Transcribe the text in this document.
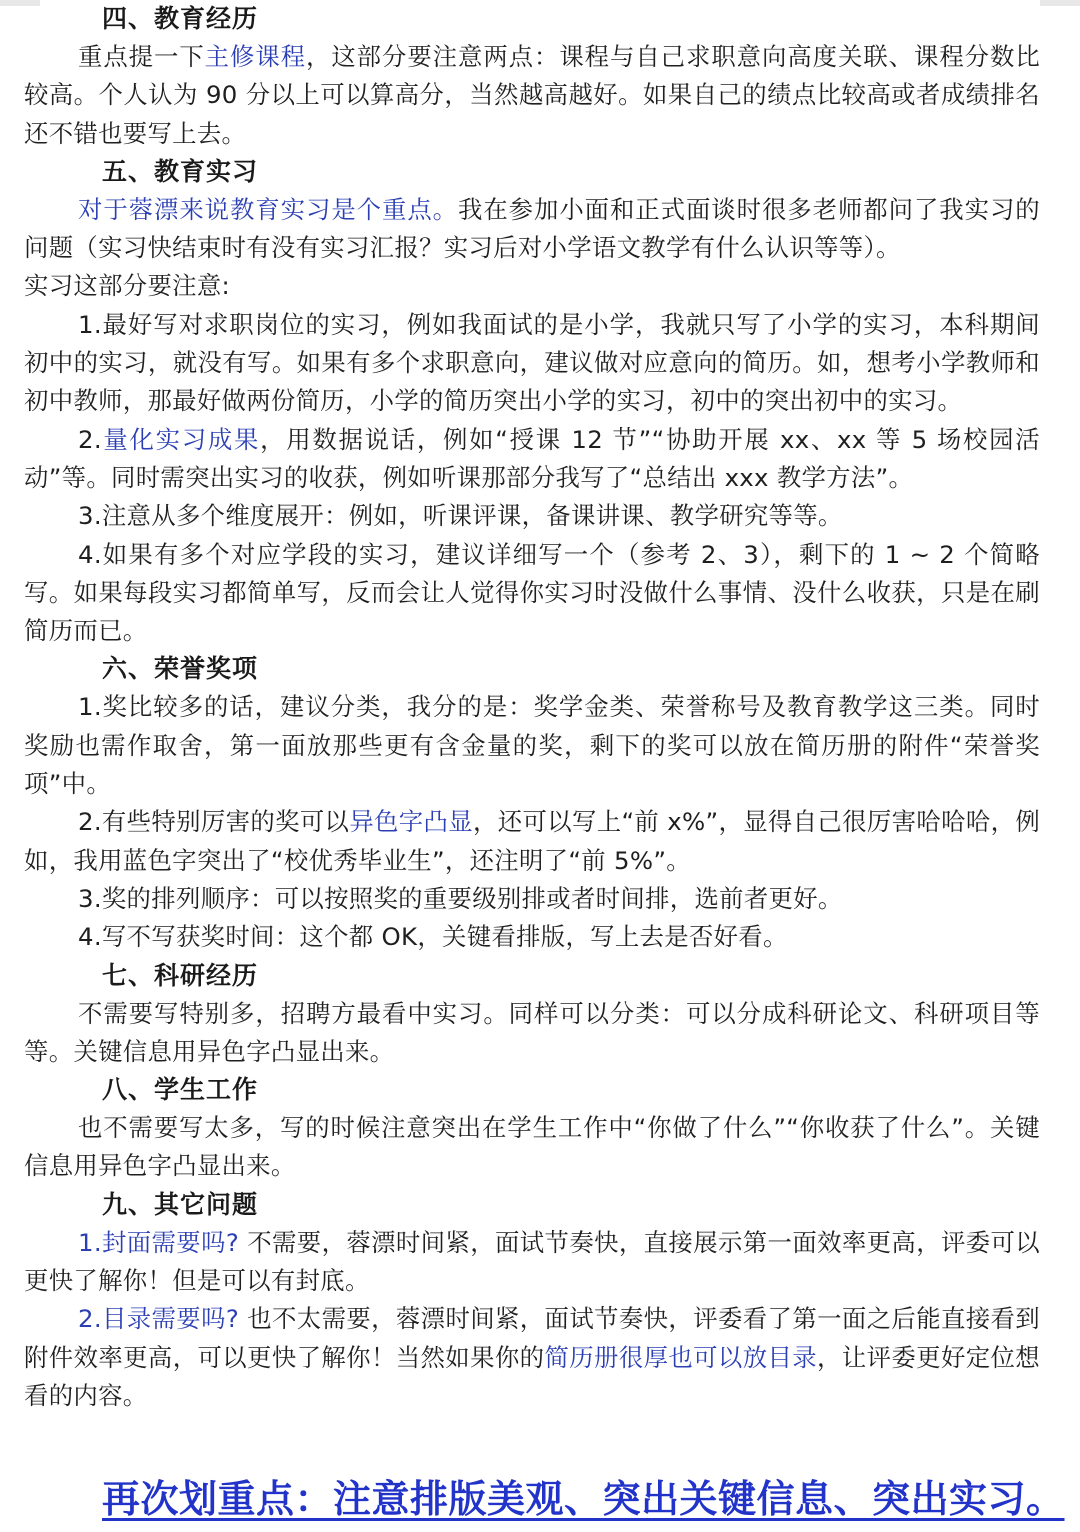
四、教育经历

重点提一下主修课程，这部分要注意两点：课程与自己求职意向高度关联、课程分数比较高。个人认为 90 分以上可以算高分，当然越高越好。如果自己的绩点比较高或者成绩排名还不错也要写上去。

五、教育实习

对于蓉漂来说教育实习是个重点。我在参加小面和正式面谈时很多老师都问了我实习的问题（实习快结束时有没有实习汇报？实习后对小学语文教学有什么认识等等）。

实习这部分要注意:

1.最好写对求职岗位的实习，例如我面试的是小学，我就只写了小学的实习，本科期间初中的实习，就没有写。如果有多个求职意向，建议做对应意向的简历。如，想考小学教师和初中教师，那最好做两份简历，小学的简历突出小学的实习，初中的突出初中的实习。

2.量化实习成果，用数据说话，例如“授课 12 节”“协助开展 xx、xx 等 5 场校园活动”等。同时需突出实习的收获，例如听课那部分我写了“总结出 xxx 教学方法”。

3.注意从多个维度展开：例如，听课评课，备课讲课、教学研究等等。

4.如果有多个对应学段的实习，建议详细写一个（参考 2、3），剩下的 1 ~ 2 个简略写。如果每段实习都简单写，反而会让人觉得你实习时没做什么事情、没什么收获，只是在刷简历而已。

六、荣誉奖项

1.奖比较多的话，建议分类，我分的是：奖学金类、荣誉称号及教育教学这三类。同时奖励也需作取舍，第一面放那些更有含金量的奖，剩下的奖可以放在简历册的附件“荣誉奖项”中。

2.有些特别厉害的奖可以异色字凸显，还可以写上“前 x%”，显得自己很厉害哈哈哈，例如，我用蓝色字突出了“校优秀毕业生”，还注明了“前 5%”。

3.奖的排列顺序：可以按照奖的重要级别排或者时间排，选前者更好。

4.写不写获奖时间：这个都 OK，关键看排版，写上去是否好看。

七、科研经历

不需要写特别多，招聘方最看中实习。同样可以分类：可以分成科研论文、科研项目等等。关键信息用异色字凸显出来。

八、学生工作

也不需要写太多，写的时候注意突出在学生工作中“你做了什么”“你收获了什么”。关键信息用异色字凸显出来。

九、其它问题

1.封面需要吗? 不需要，蓉漂时间紧，面试节奏快，直接展示第一面效率更高，评委可以更快了解你！但是可以有封底。

2.目录需要吗? 也不太需要，蓉漂时间紧，面试节奏快，评委看了第一面之后能直接看到附件效率更高，可以更快了解你！当然如果你的简历册很厚也可以放目录，让评委更好定位想看的内容。

再次划重点：注意排版美观、突出关键信息、突出实习。
